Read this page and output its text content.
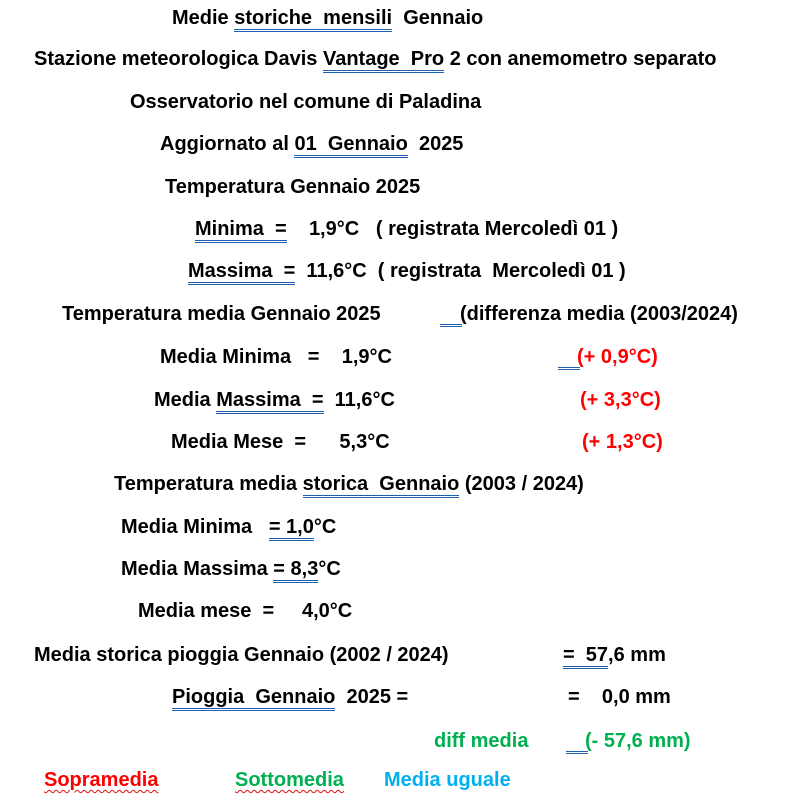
Medie storiche  mensili  Gennaio
Stazione meteorologica Davis Vantage  Pro 2 con anemometro separato
Osservatorio nel comune di Paladina
Aggiornato al 01  Gennaio  2025
Temperatura Gennaio 2025
Minima  = 1,9°C   ( registrata Mercoledì 01 )
Massima  = 11,6°C  ( registrata  Mercoledì 01 )
Temperatura media Gennaio 2025	(differenza media (2003/2024)
Media Minima   =    1,9°C	(+ 0,9°C)
Media Massima  =  11,6°C	(+ 3,3°C)
Media Mese  =      5,3°C	(+ 1,3°C)
Temperatura media storica  Gennaio (2003 / 2024)
Media Minima   = 1,0°C
Media Massima = 8,3°C
Media mese  =     4,0°C
Media storica pioggia Gennaio (2002 / 2024)	=  57,6 mm
Pioggia  Gennaio  2025 =	=    0,0 mm
diff media	(- 57,6 mm)
Sopramedia	Sottomedia Media uguale
